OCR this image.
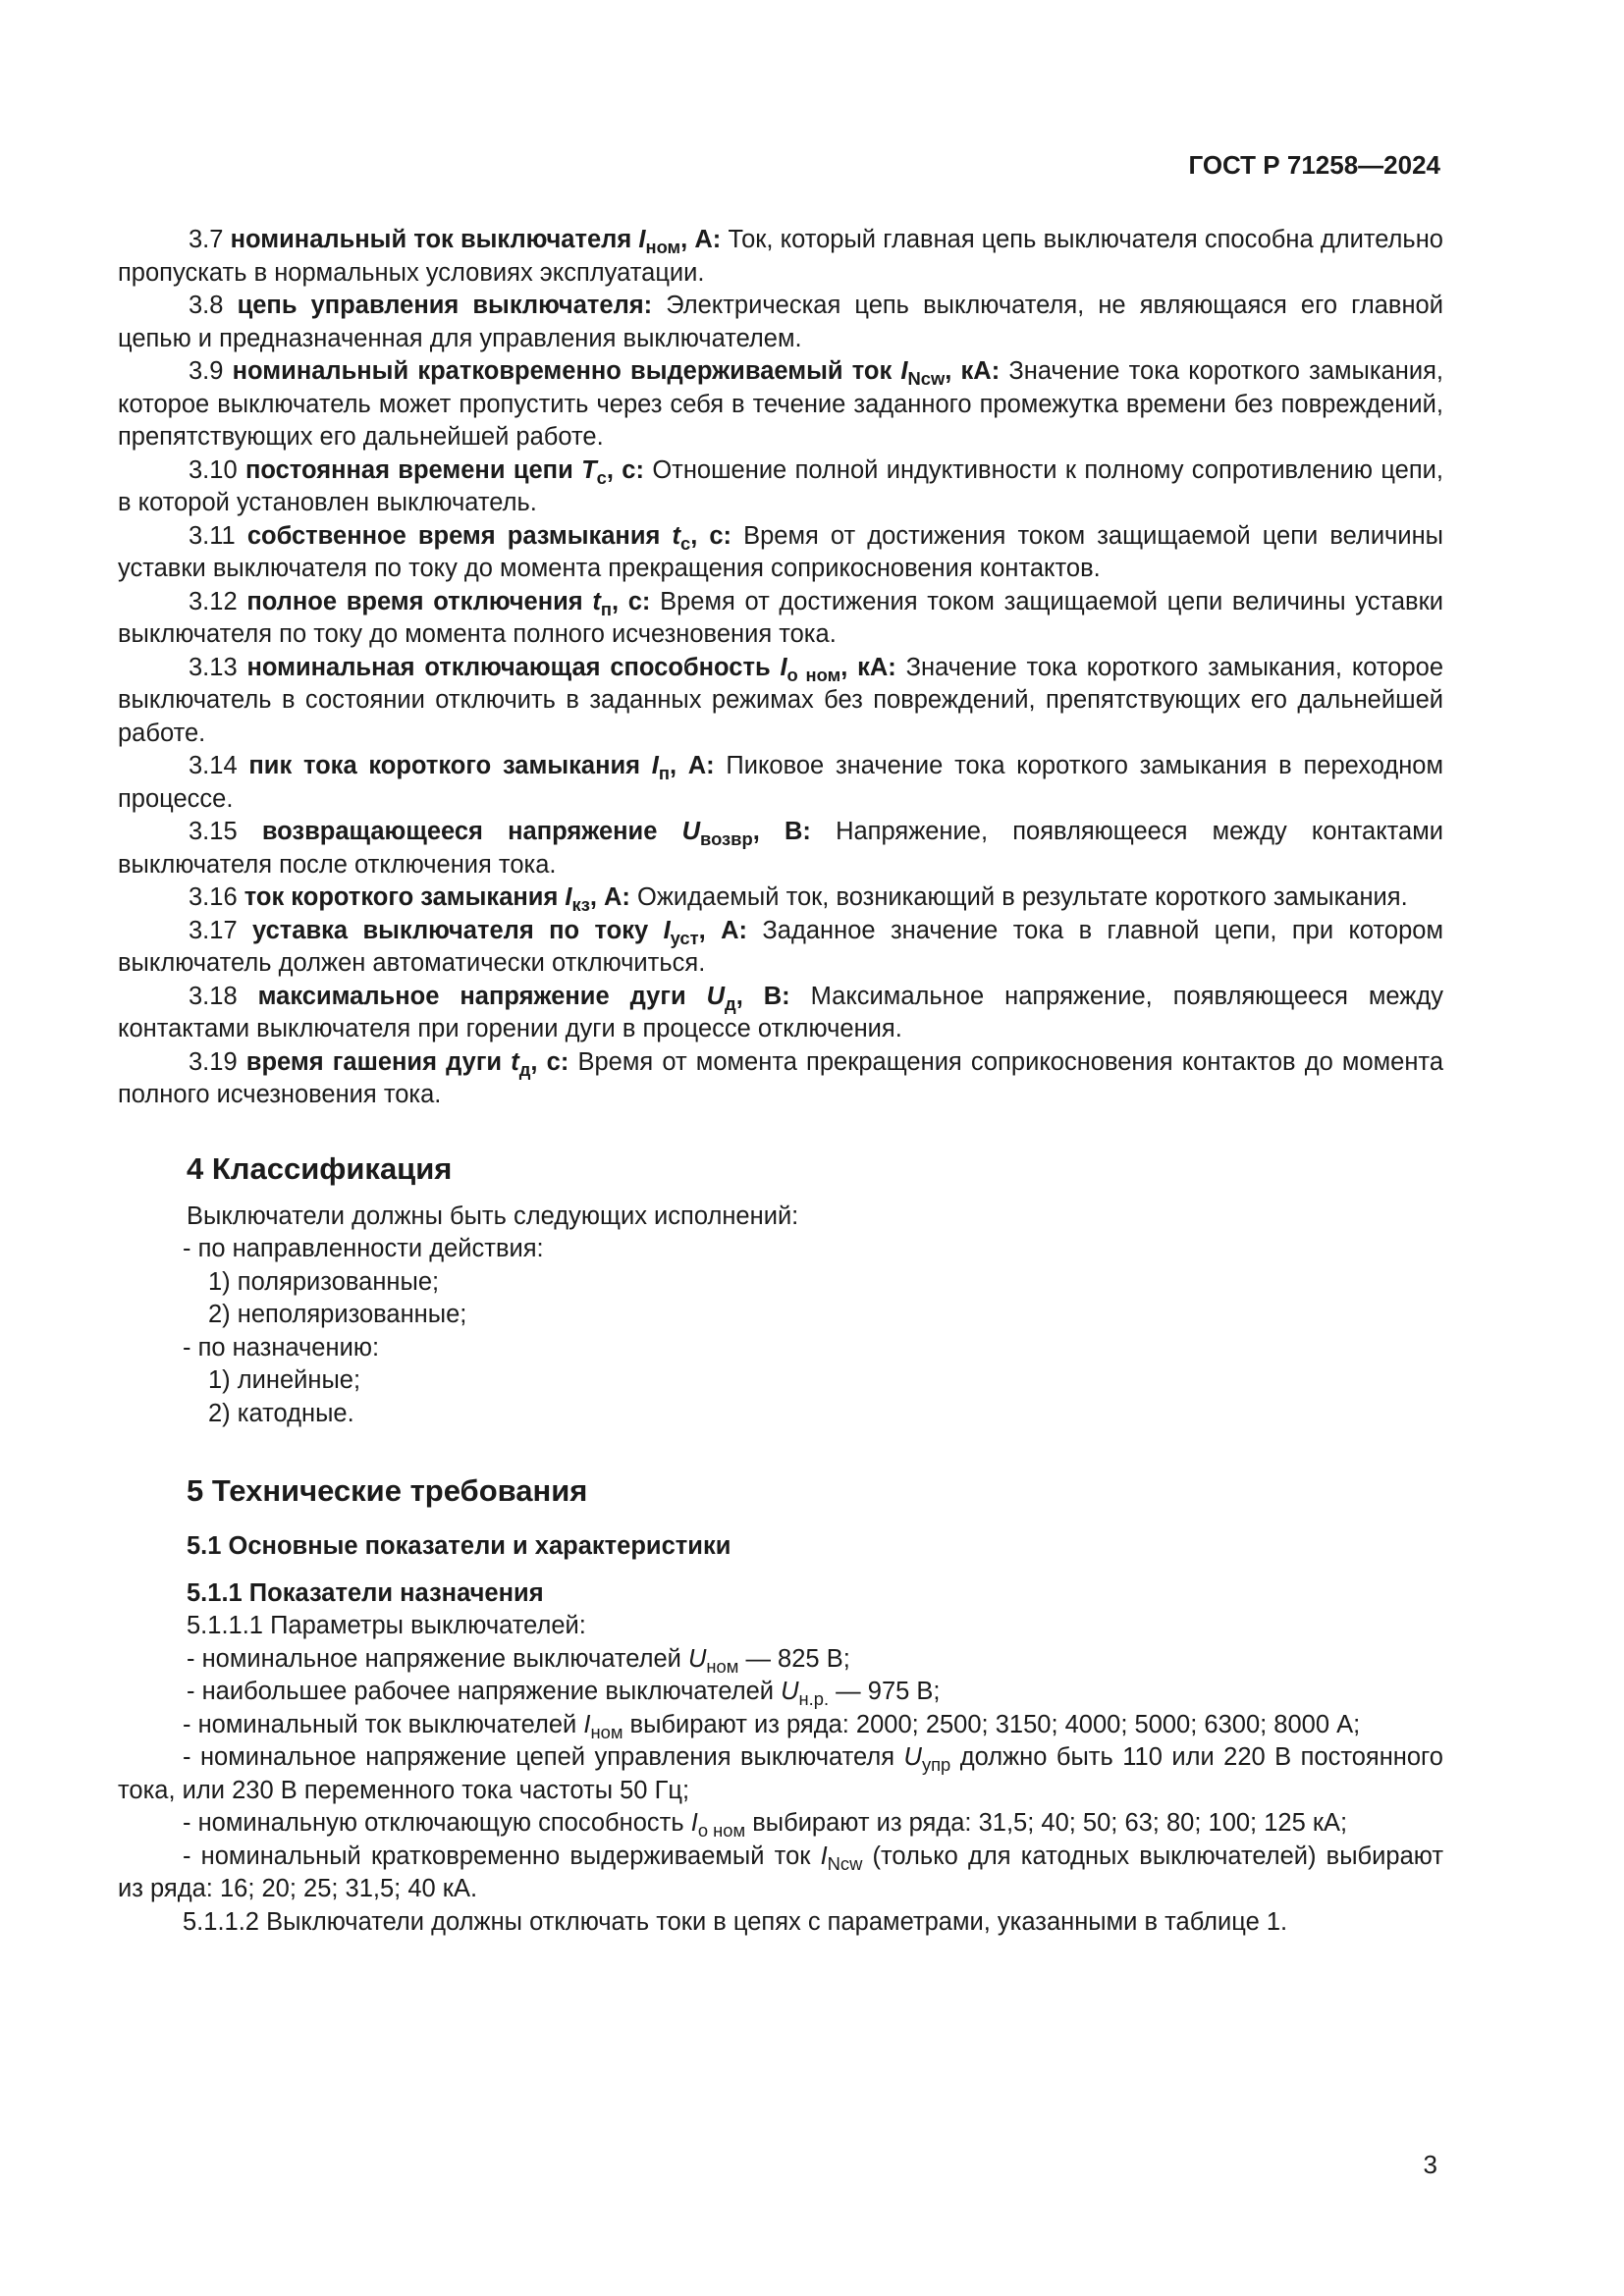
ГОСТ Р 71258—2024

3.7 номинальный ток выключателя $I_{ном}$, А: Ток, который главная цепь выключателя способна длительно пропускать в нормальных условиях эксплуатации.

3.8 цепь управления выключателя: Электрическая цепь выключателя, не являющаяся его главной цепью и предназначенная для управления выключателем.

3.9 номинальный кратковременно выдерживаемый ток $I_{Ncw}$, кА: Значение тока короткого замыкания, которое выключатель может пропустить через себя в течение заданного промежутка времени без повреждений, препятствующих его дальнейшей работе.

3.10 постоянная времени цепи $T_c$, с: Отношение полной индуктивности к полному сопротивлению цепи, в которой установлен выключатель.

3.11 собственное время размыкания $t_c$, с: Время от достижения током защищаемой цепи величины уставки выключателя по току до момента прекращения соприкосновения контактов.

3.12 полное время отключения $t_п$, с: Время от достижения током защищаемой цепи величины уставки выключателя по току до момента полного исчезновения тока.

3.13 номинальная отключающая способность $I_{о ном}$, кА: Значение тока короткого замыкания, которое выключатель в состоянии отключить в заданных режимах без повреждений, препятствующих его дальнейшей работе.

3.14 пик тока короткого замыкания $I_п$, А: Пиковое значение тока короткого замыкания в переходном процессе.

3.15 возвращающееся напряжение $U_{возвр}$, В: Напряжение, появляющееся между контактами выключателя после отключения тока.

3.16 ток короткого замыкания $I_{кз}$, А: Ожидаемый ток, возникающий в результате короткого замыкания.

3.17 уставка выключателя по току $I_{уст}$, А: Заданное значение тока в главной цепи, при котором выключатель должен автоматически отключиться.

3.18 максимальное напряжение дуги $U_д$, В: Максимальное напряжение, появляющееся между контактами выключателя при горении дуги в процессе отключения.

3.19 время гашения дуги $t_д$, с: Время от момента прекращения соприкосновения контактов до момента полного исчезновения тока.

4 Классификация

Выключатели должны быть следующих исполнений:

- по направленности действия:

1) поляризованные;

2) неполяризованные;

- по назначению:

1) линейные;

2) катодные.

5 Технические требования
5.1 Основные показатели и характеристики
5.1.1 Показатели назначения

5.1.1.1 Параметры выключателей:

- номинальное напряжение выключателей $U_{ном}$ — 825 В;

- наибольшее рабочее напряжение выключателей $U_{н.р.}$ — 975 В;

- номинальный ток выключателей $I_{ном}$ выбирают из ряда: 2000; 2500; 3150; 4000; 5000; 6300; 8000 А;

- номинальное напряжение цепей управления выключателя $U_{упр}$ должно быть 110 или 220 В постоянного тока, или 230 В переменного тока частоты 50 Гц;

- номинальную отключающую способность $I_{о ном}$ выбирают из ряда: 31,5; 40; 50; 63; 80; 100; 125 кА;

- номинальный кратковременно выдерживаемый ток $I_{Ncw}$ (только для катодных выключателей) выбирают из ряда: 16; 20; 25; 31,5; 40 кА.

5.1.1.2 Выключатели должны отключать токи в цепях с параметрами, указанными в таблице 1.

3
